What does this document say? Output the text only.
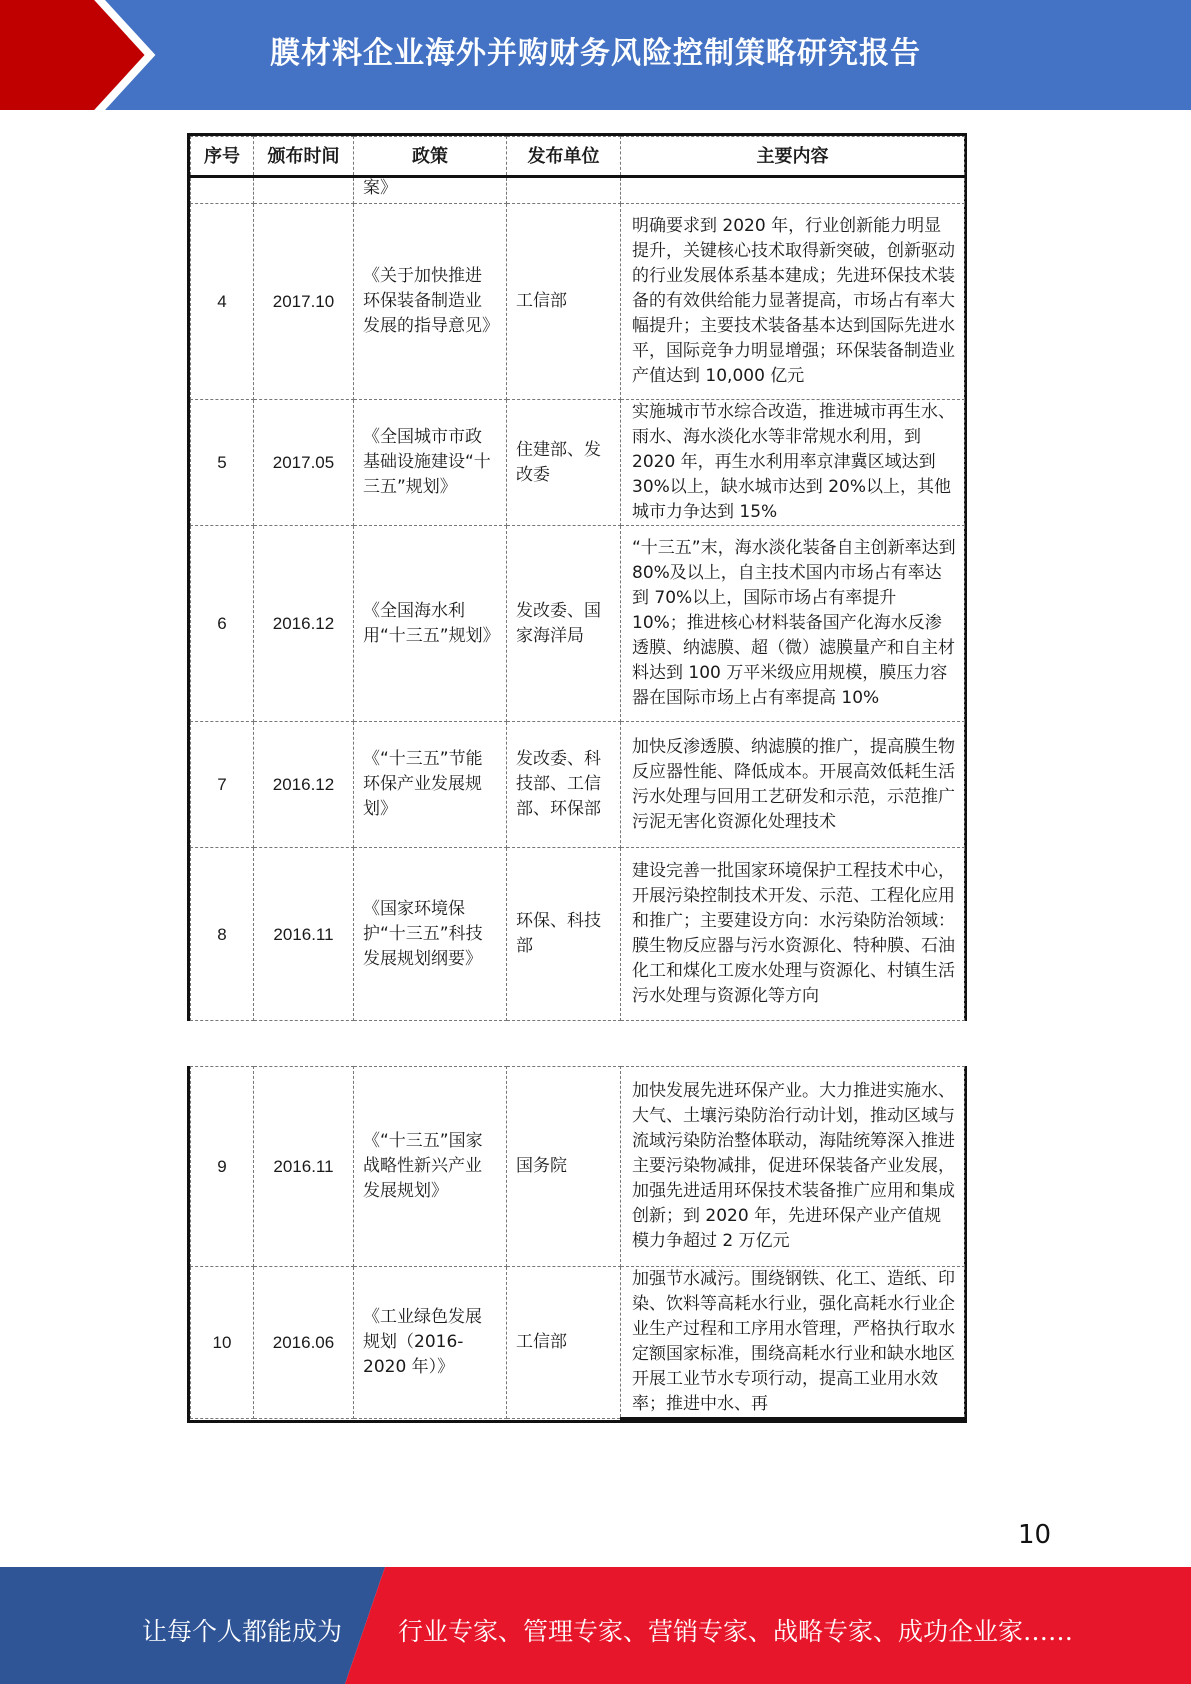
膜材料企业海外并购财务风险控制策略研究报告
序号	颁布时间	政策	发布单位	主要内容
		案》		
4	2017.10	《关于加快推进环保装备制造业发展的指导意见》	工信部	明确要求到 2020 年，行业创新能力明显提升，关键核心技术取得新突破，创新驱动的行业发展体系基本建成；先进环保技术装备的有效供给能力显著提高，市场占有率大幅提升；主要技术装备基本达到国际先进水平，国际竞争力明显增强；环保装备制造业产值达到 10,000 亿元
5	2017.05	《全国城市市政基础设施建设“十三五”规划》	住建部、发改委	实施城市节水综合改造，推进城市再生水、雨水、海水淡化水等非常规水利用，到 2020 年，再生水利用率京津冀区域达到 30%以上，缺水城市达到 20%以上，其他城市力争达到 15%
6	2016.12	《全国海水利用“十三五”规划》	发改委、国家海洋局	“十三五”末，海水淡化装备自主创新率达到 80%及以上，自主技术国内市场占有率达到 70%以上，国际市场占有率提升 10%；推进核心材料装备国产化海水反渗透膜、纳滤膜、超（微）滤膜量产和自主材料达到 100 万平米级应用规模，膜压力容器在国际市场上占有率提高 10%
7	2016.12	《“十三五”节能环保产业发展规划》	发改委、科技部、工信部、环保部	加快反渗透膜、纳滤膜的推广，提高膜生物反应器性能、降低成本。开展高效低耗生活污水处理与回用工艺研发和示范，示范推广污泥无害化资源化处理技术
8	2016.11	《国家环境保护“十三五”科技发展规划纲要》	环保、科技部	建设完善一批国家环境保护工程技术中心，开展污染控制技术开发、示范、工程化应用和推广；主要建设方向：水污染防治领域：膜生物反应器与污水资源化、特种膜、石油化工和煤化工废水处理与资源化、村镇生活污水处理与资源化等方向
9	2016.11	《“十三五”国家战略性新兴产业发展规划》	国务院	加快发展先进环保产业。大力推进实施水、大气、土壤污染防治行动计划，推动区域与流域污染防治整体联动，海陆统筹深入推进主要污染物减排，促进环保装备产业发展，加强先进适用环保技术装备推广应用和集成创新；到 2020 年，先进环保产业产值规模力争超过 2 万亿元
10	2016.06	《工业绿色发展规划（2016-2020 年）》	工信部	加强节水减污。围绕钢铁、化工、造纸、印染、饮料等高耗水行业，强化高耗水行业企业生产过程和工序用水管理，严格执行取水定额国家标准，围绕高耗水行业和缺水地区开展工业节水专项行动，提高工业用水效率；推进中水、再
10
让每个人都能成为 行业专家、管理专家、营销专家、战略专家、成功企业家……
